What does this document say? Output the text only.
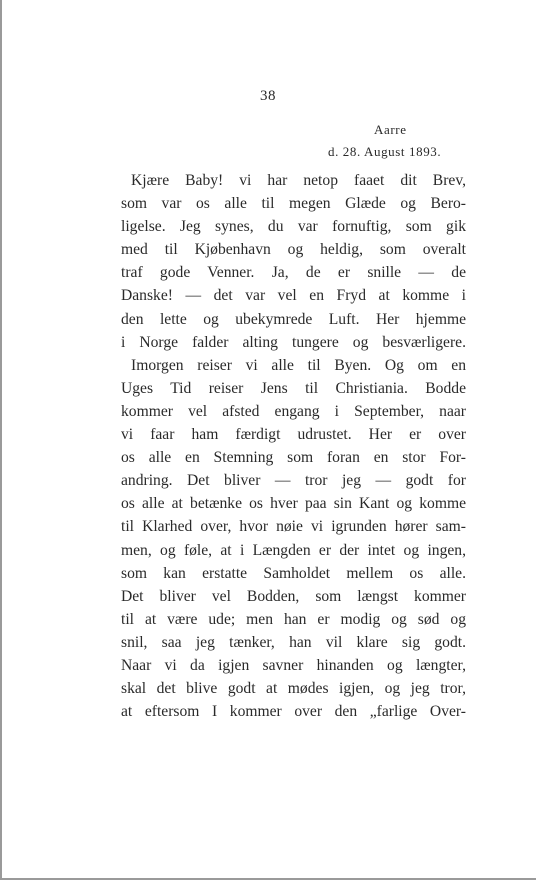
38
Aarre
d. 28. August 1893.
Kjære Baby! vi har netop faaet dit Brev,
som var os alle til megen Glæde og Bero-
ligelse. Jeg synes, du var fornuftig, som gik
med til Kjøbenhavn og heldig, som overalt
traf gode Venner. Ja, de er snille — de
Danske! — det var vel en Fryd at komme i
den lette og ubekymrede Luft. Her hjemme
i Norge falder alting tungere og besværligere.
Imorgen reiser vi alle til Byen. Og om en
Uges Tid reiser Jens til Christiania. Bodde
kommer vel afsted engang i September, naar
vi faar ham færdigt udrustet. Her er over
os alle en Stemning som foran en stor For-
andring. Det bliver — tror jeg — godt for
os alle at betænke os hver paa sin Kant og komme
til Klarhed over, hvor nøie vi igrunden hører sam-
men, og føle, at i Længden er der intet og ingen,
som kan erstatte Samholdet mellem os alle.
Det bliver vel Bodden, som længst kommer
til at være ude; men han er modig og sød og
snil, saa jeg tænker, han vil klare sig godt.
Naar vi da igjen savner hinanden og længter,
skal det blive godt at mødes igjen, og jeg tror,
at eftersom I kommer over den „farlige Over-
